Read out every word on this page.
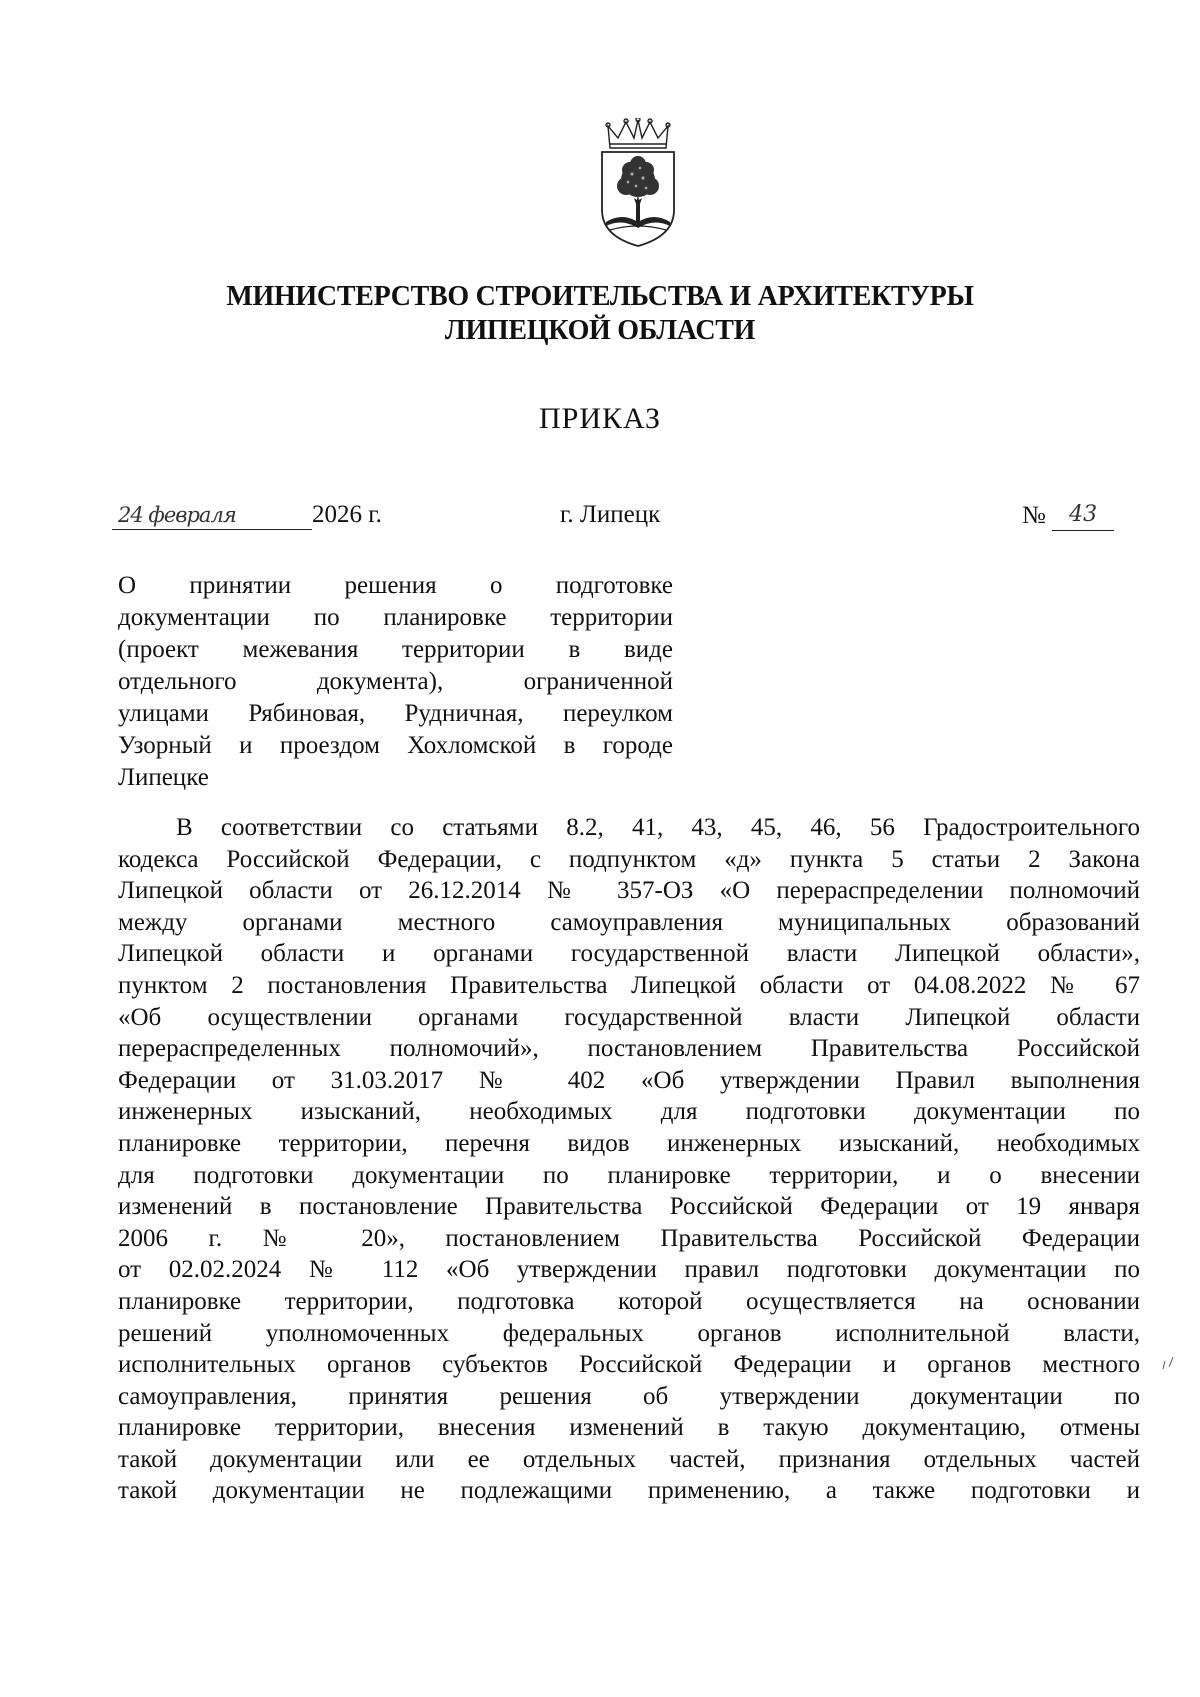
МИНИСТЕРСТВО СТРОИТЕЛЬСТВА И АРХИТЕКТУРЫ
ЛИПЕЦКОЙ ОБЛАСТИ
ПРИКАЗ
24 февраля	2026 г.	г. Липецк	№ 43
О принятии решения о подготовке
документации по планировке территории
(проект межевания территории в виде
отдельного документа), ограниченной
улицами Рябиновая, Рудничная, переулком
Узорный и проездом Хохломской в городе
Липецке
В соответствии со статьями 8.2, 41, 43, 45, 46, 56 Градостроительного
кодекса Российской Федерации, с подпунктом «д» пункта 5 статьи 2 Закона
Липецкой области от 26.12.2014 № 357-ОЗ «О перераспределении полномочий
между органами местного самоуправления муниципальных образований
Липецкой области и органами государственной власти Липецкой области»,
пунктом 2 постановления Правительства Липецкой области от 04.08.2022 № 67
«Об осуществлении органами государственной власти Липецкой области
перераспределенных полномочий», постановлением Правительства Российской
Федерации от 31.03.2017 № 402 «Об утверждении Правил выполнения
инженерных изысканий, необходимых для подготовки документации по
планировке территории, перечня видов инженерных изысканий, необходимых
для подготовки документации по планировке территории, и о внесении
изменений в постановление Правительства Российской Федерации от 19 января
2006 г. № 20», постановлением Правительства Российской Федерации
от 02.02.2024 № 112 «Об утверждении правил подготовки документации по
планировке территории, подготовка которой осуществляется на основании
решений уполномоченных федеральных органов исполнительной власти,
исполнительных органов субъектов Российской Федерации и органов местного
самоуправления, принятия решения об утверждении документации по
планировке территории, внесения изменений в такую документацию, отмены
такой документации или ее отдельных частей, признания отдельных частей
такой документации не подлежащими применению, а также подготовки и
